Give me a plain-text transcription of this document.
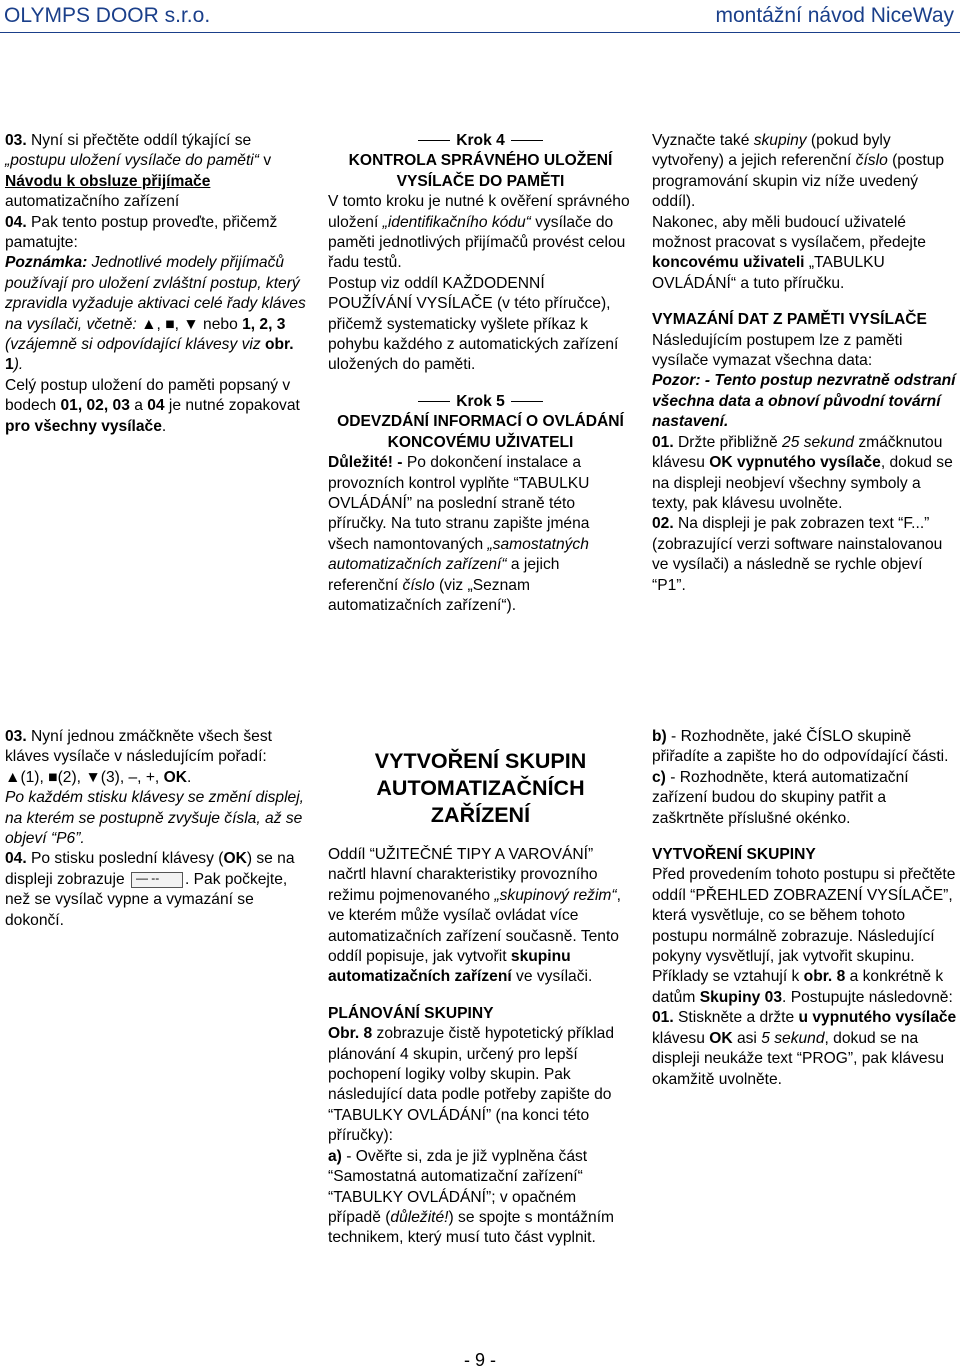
OLYMPS DOOR s.r.o.	montážní návod NiceWay

03. Nyní si přečtěte oddíl týkající se
„postupu uložení vysílače do paměti“ v
Návodu k obsluze přijímače
automatizačního zařízení

04. Pak tento postup proveďte, přičemž pamatujte:
Poznámka: Jednotlivé modely přijímačů používají pro uložení zvláštní postup, který zpravidla vyžaduje aktivaci celé řady kláves na vysílači, včetně: ▲, ■, ▼ nebo 1, 2, 3
(vzájemně si odpovídající klávesy viz obr. 1).

Celý postup uložení do paměti popsaný v bodech 01, 02, 03 a 04 je nutné zopakovat pro všechny vysílače.

Krok 4

KONTROLA SPRÁVNÉHO ULOŽENÍ VYSÍLAČE DO PAMĚTI

V tomto kroku je nutné k ověření správného uložení „identifikačního kódu“ vysílače do paměti jednotlivých přijímačů provést celou řadu testů.

Postup viz oddíl KAŽDODENNÍ POUŽÍVÁNÍ VYSÍLAČE (v této příručce), přičemž systematicky vyšlete příkaz k pohybu každého z automatických zařízení uložených do paměti.

Krok 5

ODEVZDÁNÍ INFORMACÍ O OVLÁDÁNÍ KONCOVÉMU UŽIVATELI

Důležité! - Po dokončení instalace a provozních kontrol vyplňte “TABULKU OVLÁDÁNÍ” na poslední straně této příručky. Na tuto stranu zapište jména všech namontovaných „samostatných automatizačních zařízení“ a jejich referenční číslo (viz „Seznam automatizačních zařízení“).

Vyznačte také skupiny (pokud byly vytvořeny) a jejich referenční číslo (postup programování skupin viz níže uvedený oddíl).

Nakonec, aby měli budoucí uživatelé možnost pracovat s vysílačem, předejte koncovému uživateli „TABULKU OVLÁDÁNÍ“ a tuto příručku.

VYMAZÁNÍ DAT Z PAMĚTI VYSÍLAČE

Následujícím postupem lze z paměti vysílače vymazat všechna data:

Pozor: - Tento postup nezvratně odstraní všechna data a obnoví původní tovární nastavení.

01. Držte přibližně 25 sekund zmáčknutou klávesu OK vypnutého vysílače, dokud se na displeji neobjeví všechny symboly a texty, pak klávesu uvolněte.

02. Na displeji je pak zobrazen text “F...” (zobrazující verzi software nainstalovanou ve vysílači) a následně se rychle objeví “P1”.

03. Nyní jednou zmáčkněte všech šest kláves vysílače v následujícím pořadí:
▲(1), ■(2), ▼(3), –, +, OK.

Po každém stisku klávesy se změní displej, na kterém se postupně zvyšuje čísla, až se objeví “P6”.

04. Po stisku poslední klávesy (OK) se na displeji zobrazuje — --	. Pak počkejte, než se vysílač vypne a vymazání se dokončí.

VYTVOŘENÍ SKUPIN AUTOMATIZAČNÍCH ZAŘÍZENÍ

Oddíl “UŽITEČNÉ TIPY A VAROVÁNÍ” načrtl hlavní charakteristiky provozního režimu pojmenovaného „skupinový režim“, ve kterém může vysílač ovládat více automatizačních zařízení současně. Tento oddíl popisuje, jak vytvořit skupinu automatizačních zařízení ve vysílači.

PLÁNOVÁNÍ SKUPINY

Obr. 8 zobrazuje čistě hypotetický příklad plánování 4 skupin, určený pro lepší pochopení logiky volby skupin. Pak následující data podle potřeby zapište do “TABULKY OVLÁDÁNÍ” (na konci této příručky):

a) - Ověřte si, zda je již vyplněna část “Samostatná automatizační zařízení“ “TABULKY OVLÁDÁNÍ”; v opačném případě (důležité!) se spojte s montážním technikem, který musí tuto část vyplnit.

b) - Rozhodněte, jaké ČÍSLO skupině přiřadíte a zapište ho do odpovídající části.

c) - Rozhodněte, která automatizační zařízení budou do skupiny patřit a zaškrtněte příslušné okénko.

VYTVOŘENÍ SKUPINY

Před provedením tohoto postupu si přečtěte oddíl “PŘEHLED ZOBRAZENÍ VYSÍLAČE”, která vysvětluje, co se během tohoto postupu normálně zobrazuje. Následující pokyny vysvětlují, jak vytvořit skupinu. Příklady se vztahují k obr. 8 a konkrétně k datům Skupiny 03. Postupujte následovně:

01. Stiskněte a držte u vypnutého vysílače klávesu OK asi 5 sekund, dokud se na displeji neukáže text “PROG”, pak klávesu okamžitě uvolněte.

- 9 -
